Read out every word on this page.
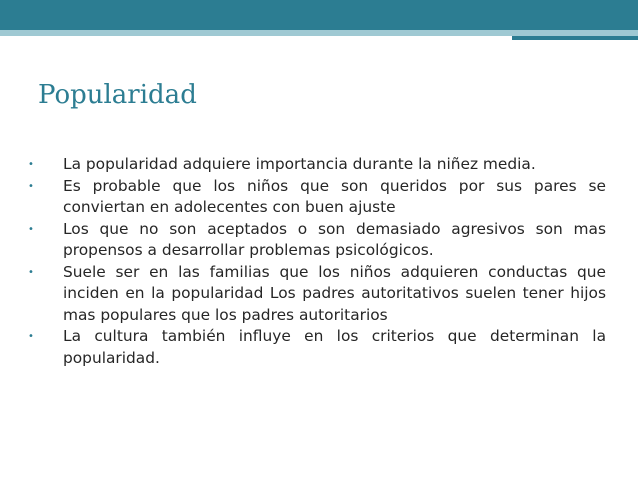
Popularidad
• La popularidad adquiere importancia durante la niñez media.
• Es probable que los niños que son queridos por sus pares se conviertan en adolecentes con buen ajuste
• Los que no son aceptados o son demasiado agresivos son mas propensos a desarrollar problemas psicológicos.
• Suele ser en las familias que los niños adquieren conductas que inciden en la popularidad Los padres autoritativos suelen tener hijos mas populares que los padres autoritarios
• La cultura también influye en los criterios que determinan la popularidad.
